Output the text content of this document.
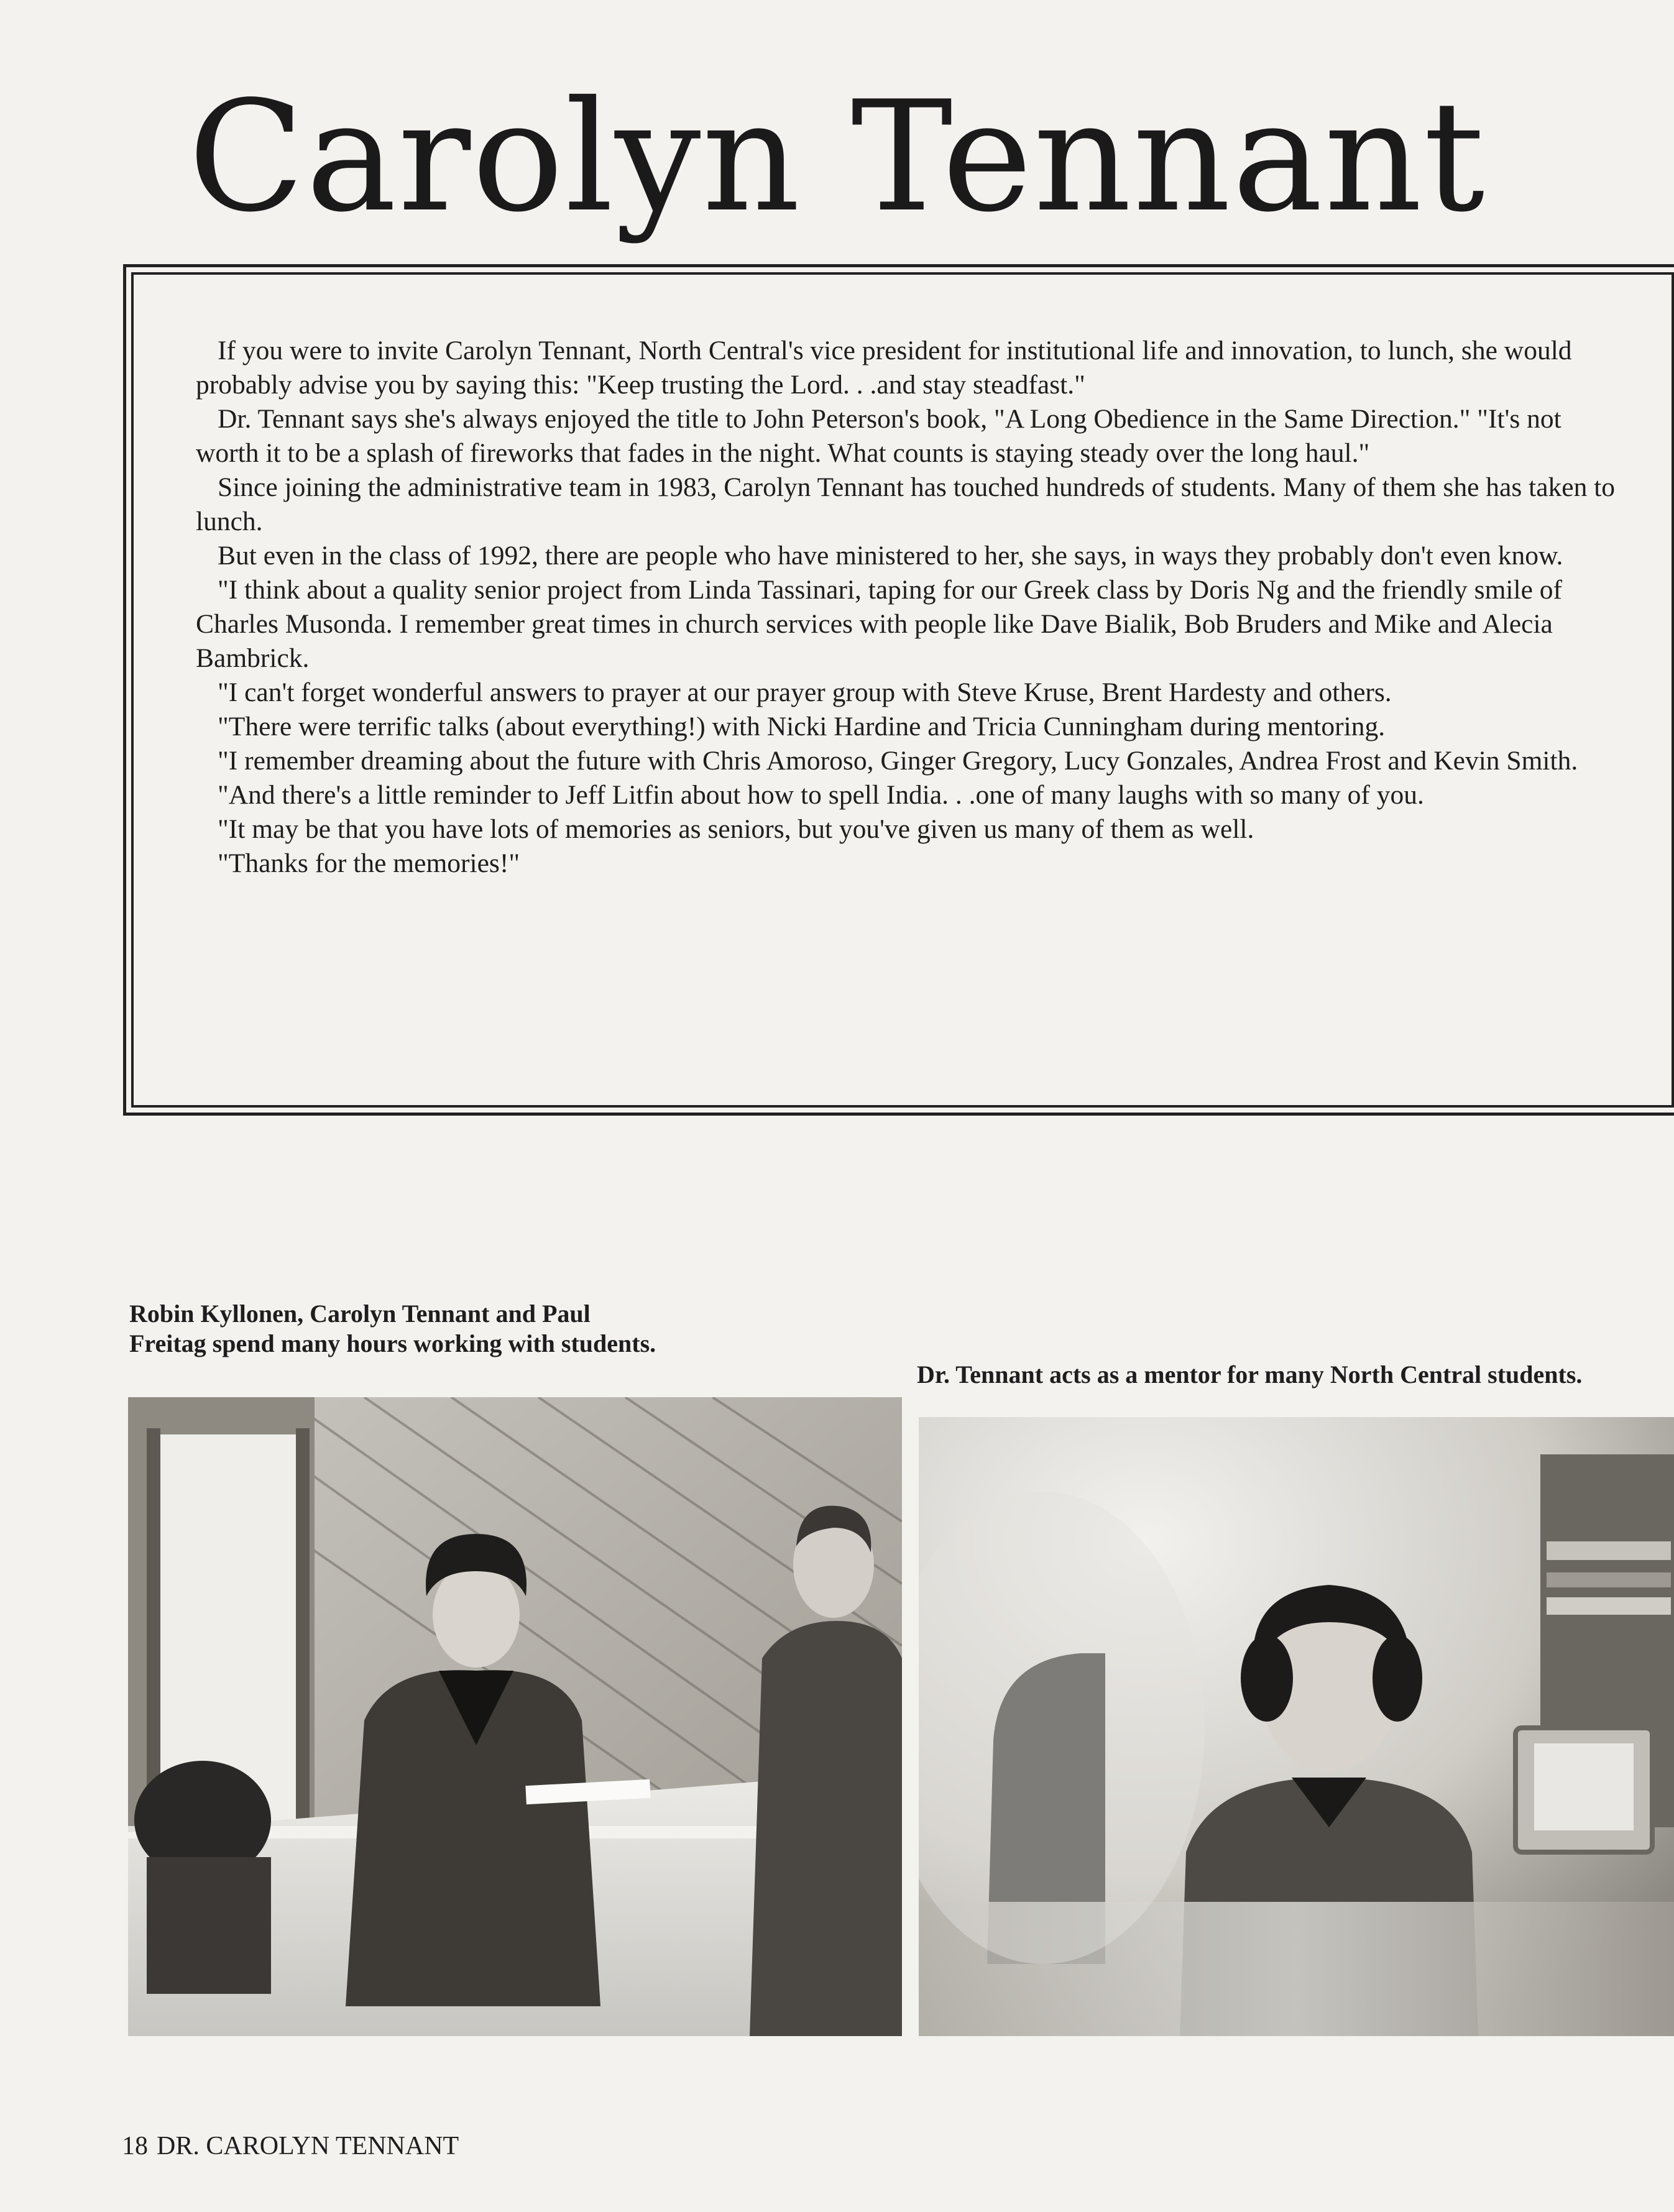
Carolyn Tennant

If you were to invite Carolyn Tennant, North Central's vice president for institutional life and innovation, to lunch, she would probably advise you by saying this: "Keep trusting the Lord. . .and stay steadfast."

Dr. Tennant says she's always enjoyed the title to John Peterson's book, "A Long Obedience in the Same Direction." "It's not worth it to be a splash of fireworks that fades in the night. What counts is staying steady over the long haul."

Since joining the administrative team in 1983, Carolyn Tennant has touched hundreds of students. Many of them she has taken to lunch.

But even in the class of 1992, there are people who have ministered to her, she says, in ways they probably don't even know.

"I think about a quality senior project from Linda Tassinari, taping for our Greek class by Doris Ng and the friendly smile of Charles Musonda. I remember great times in church services with people like Dave Bialik, Bob Bruders and Mike and Alecia Bambrick.

"I can't forget wonderful answers to prayer at our prayer group with Steve Kruse, Brent Hardesty and others.

"There were terrific talks (about everything!) with Nicki Hardine and Tricia Cunningham during mentoring.

"I remember dreaming about the future with Chris Amoroso, Ginger Gregory, Lucy Gonzales, Andrea Frost and Kevin Smith.

"And there's a little reminder to Jeff Litfin about how to spell India. . .one of many laughs with so many of you.

"It may be that you have lots of memories as seniors, but you've given us many of them as well.

"Thanks for the memories!"

Robin Kyllonen, Carolyn Tennant and Paul Freitag spend many hours working with students.

Dr. Tennant acts as a mentor for many North Central students.

18 DR. CAROLYN TENNANT
